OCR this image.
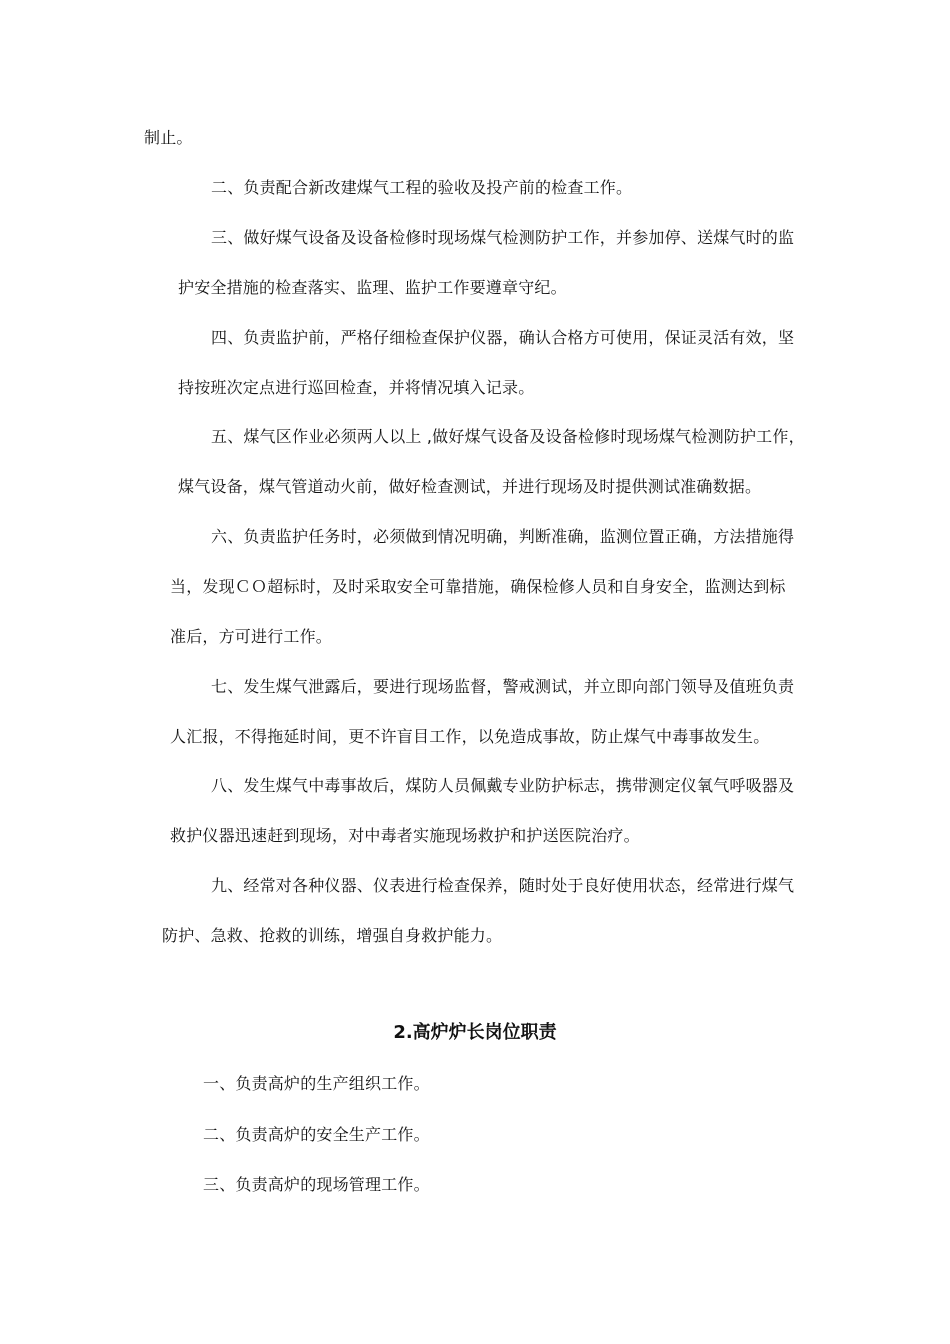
制止。
二、负责配合新改建煤气工程的验收及投产前的检查工作。
三、做好煤气设备及设备检修时现场煤气检测防护工作，并参加停、送煤气时的监
护安全措施的检查落实、监理、监护工作要遵章守纪。
四、负责监护前，严格仔细检查保护仪器，确认合格方可使用，保证灵活有效，坚
持按班次定点进行巡回检查，并将情况填入记录。
五、煤气区作业必须两人以上 ,做好煤气设备及设备检修时现场煤气检测防护工作，
煤气设备，煤气管道动火前，做好检查测试，并进行现场及时提供测试准确数据。
六、负责监护任务时，必须做到情况明确，判断准确，监测位置正确，方法措施得
当，发现ＣＯ超标时，及时采取安全可靠措施，确保检修人员和自身安全，监测达到标
准后，方可进行工作。
七、发生煤气泄露后，要进行现场监督，警戒测试，并立即向部门领导及值班负责
人汇报，不得拖延时间，更不许盲目工作，以免造成事故，防止煤气中毒事故发生。
八、发生煤气中毒事故后，煤防人员佩戴专业防护标志，携带测定仪氧气呼吸器及
救护仪器迅速赶到现场，对中毒者实施现场救护和护送医院治疗。
九、经常对各种仪器、仪表进行检查保养，随时处于良好使用状态，经常进行煤气
防护、急救、抢救的训练，增强自身救护能力。
2.高炉炉长岗位职责
一、负责高炉的生产组织工作。
二、负责高炉的安全生产工作。
三、负责高炉的现场管理工作。
